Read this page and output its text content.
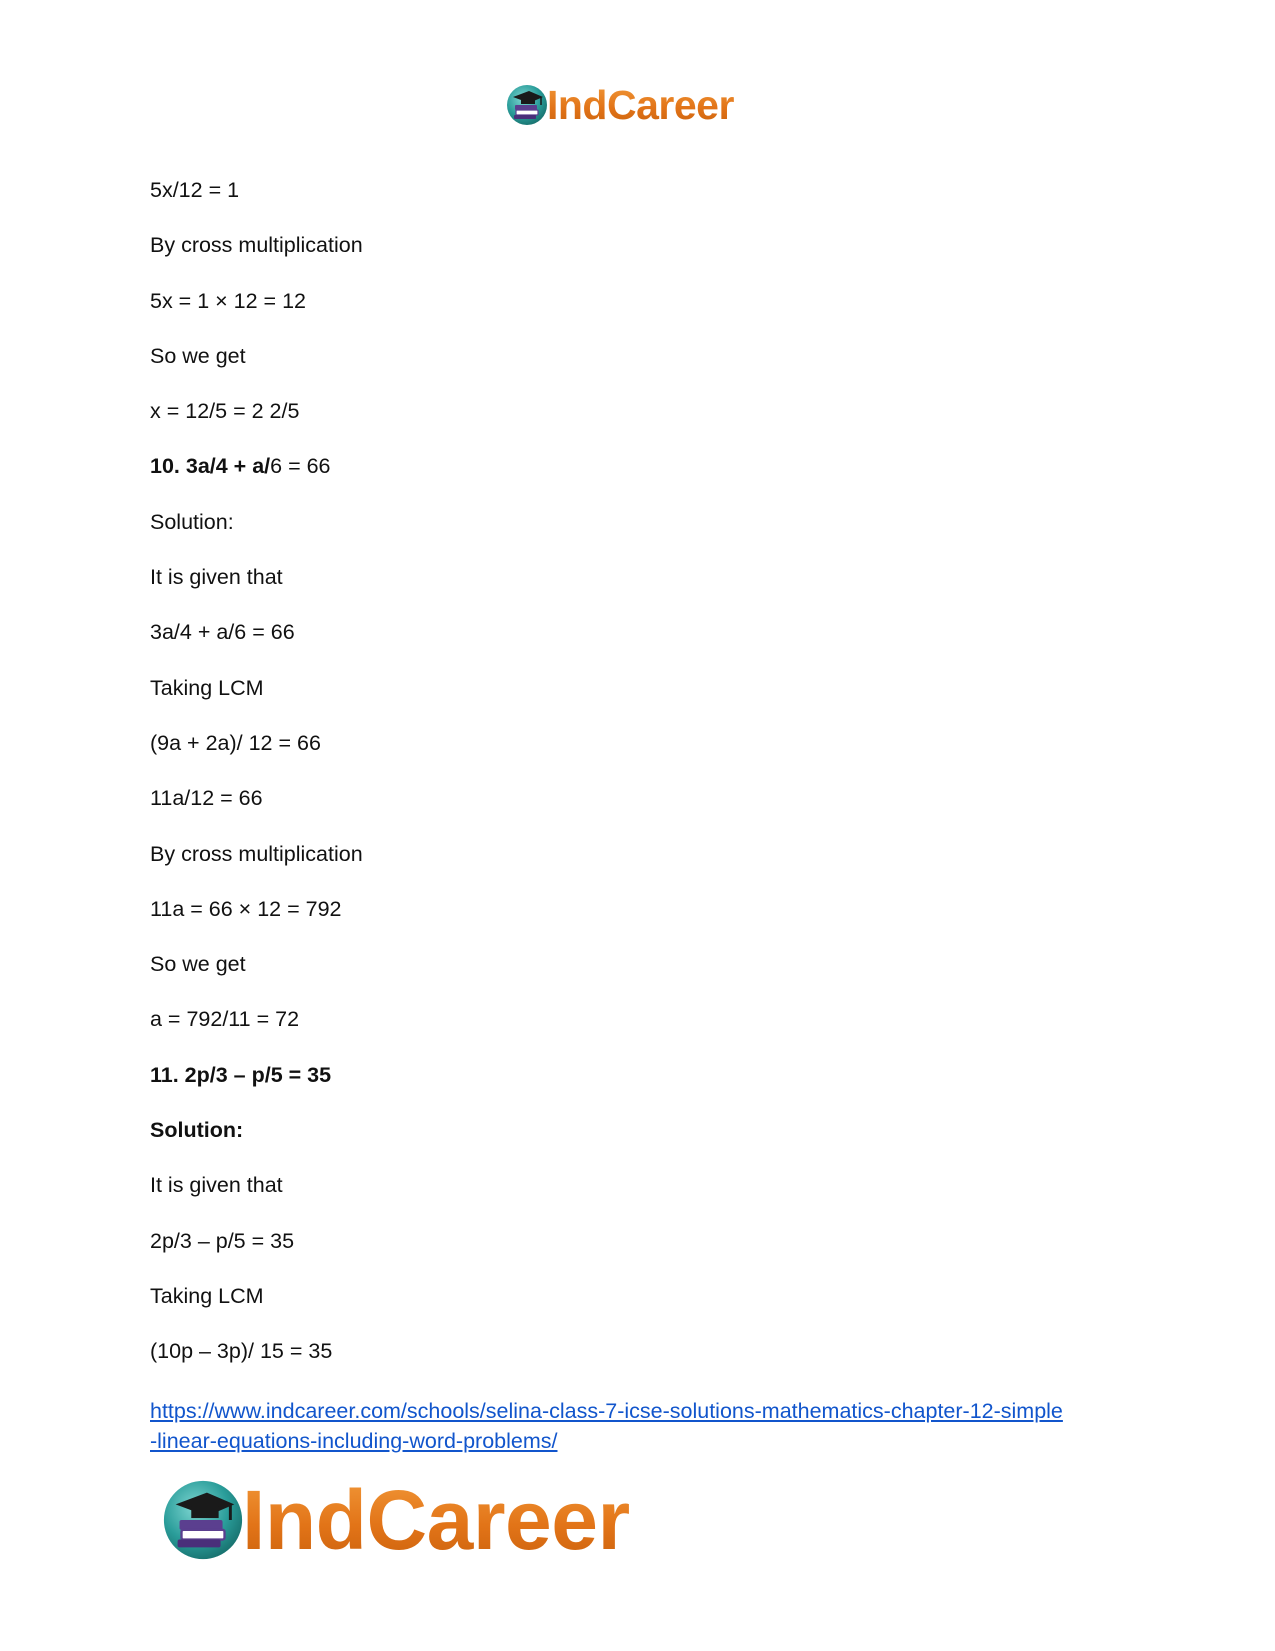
IndCareer
5x/12 = 1
By cross multiplication
5x = 1 × 12 = 12
So we get
x = 12/5 = 2 2/5
10. 3a/4 + a/6 = 66
Solution:
It is given that
3a/4 + a/6 = 66
Taking LCM
(9a + 2a)/ 12 = 66
11a/12 = 66
By cross multiplication
11a = 66 × 12 = 792
So we get
a = 792/11 = 72
11. 2p/3 – p/5 = 35
Solution:
It is given that
2p/3 – p/5 = 35
Taking LCM
(10p – 3p)/ 15 = 35
https://www.indcareer.com/schools/selina-class-7-icse-solutions-mathematics-chapter-12-simple
-linear-equations-including-word-problems/
IndCareer
